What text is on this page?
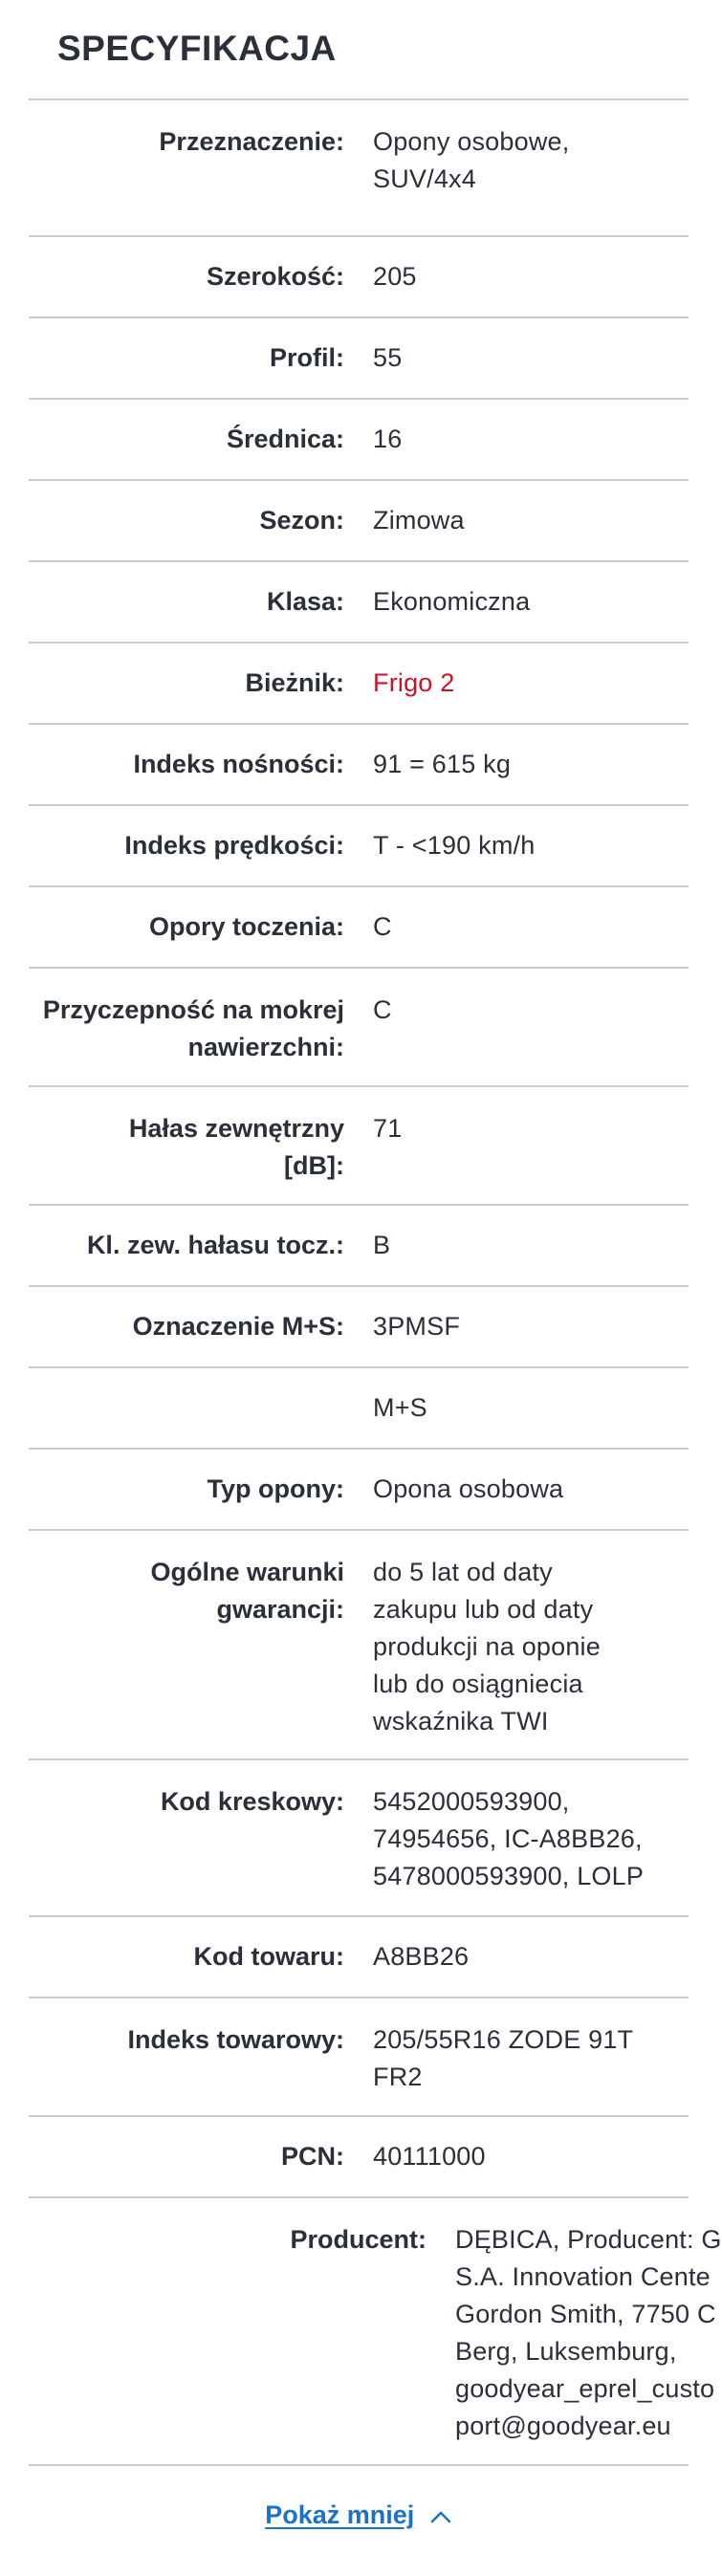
SPECYFIKACJA
Przeznaczenie: Opony osobowe, SUV/4x4
Szerokość: 205
Profil: 55
Średnica: 16
Sezon: Zimowa
Klasa: Ekonomiczna
Bieżnik: Frigo 2
Indeks nośności: 91 = 615 kg
Indeks prędkości: T - <190 km/h
Opory toczenia: C
Przyczepność na mokrej nawierzchni:
C
Hałas zewnętrzny [dB]:
71
Kl. zew. hałasu tocz.: B
Oznaczenie M+S: 3PMSF
M+S
Typ opony: Opona osobowa
Ogólne warunki gwarancji:
do 5 lat od daty zakupu lub od daty produkcji na oponie lub do osiągniecia wskaźnika TWI
Kod kreskowy: 5452000593900, 74954656, IC-A8BB26, 5478000593900, LOLP
Kod towaru: A8BB26
Indeks towarowy: 205/55R16 ZODE 91T FR2
PCN: 40111000
Producent: DĘBICA, Producent: G
S.A. Innovation Cente
Gordon Smith, 7750 C
Berg, Luksemburg,
goodyear_eprel_custo
port@goodyear.eu
Pokaż mniej
